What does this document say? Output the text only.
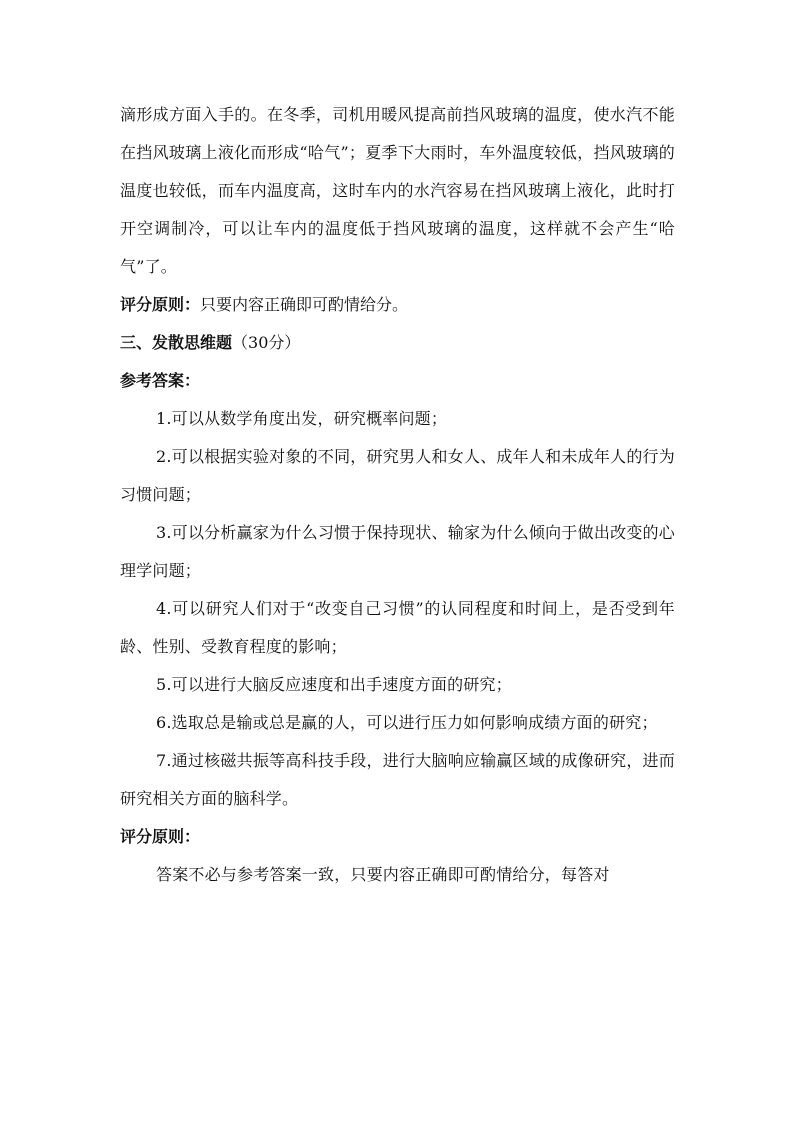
滴形成方面入手的。在冬季，司机用暖风提高前挡风玻璃的温度，使水汽不能在挡风玻璃上液化而形成“哈气”；夏季下大雨时，车外温度较低，挡风玻璃的温度也较低，而车内温度高，这时车内的水汽容易在挡风玻璃上液化，此时打开空调制冷，可以让车内的温度低于挡风玻璃的温度，这样就不会产生“哈气”了。

评分原则：只要内容正确即可酌情给分。

三、发散思维题（30分）

参考答案：

1.可以从数学角度出发，研究概率问题；

2.可以根据实验对象的不同，研究男人和女人、成年人和未成年人的行为习惯问题；

3.可以分析赢家为什么习惯于保持现状、输家为什么倾向于做出改变的心理学问题；

4.可以研究人们对于“改变自己习惯”的认同程度和时间上，是否受到年龄、性别、受教育程度的影响；

5.可以进行大脑反应速度和出手速度方面的研究；

6.选取总是输或总是赢的人，可以进行压力如何影响成绩方面的研究；

7.通过核磁共振等高科技手段，进行大脑响应输赢区域的成像研究，进而研究相关方面的脑科学。

评分原则：

答案不必与参考答案一致，只要内容正确即可酌情给分，每答对
